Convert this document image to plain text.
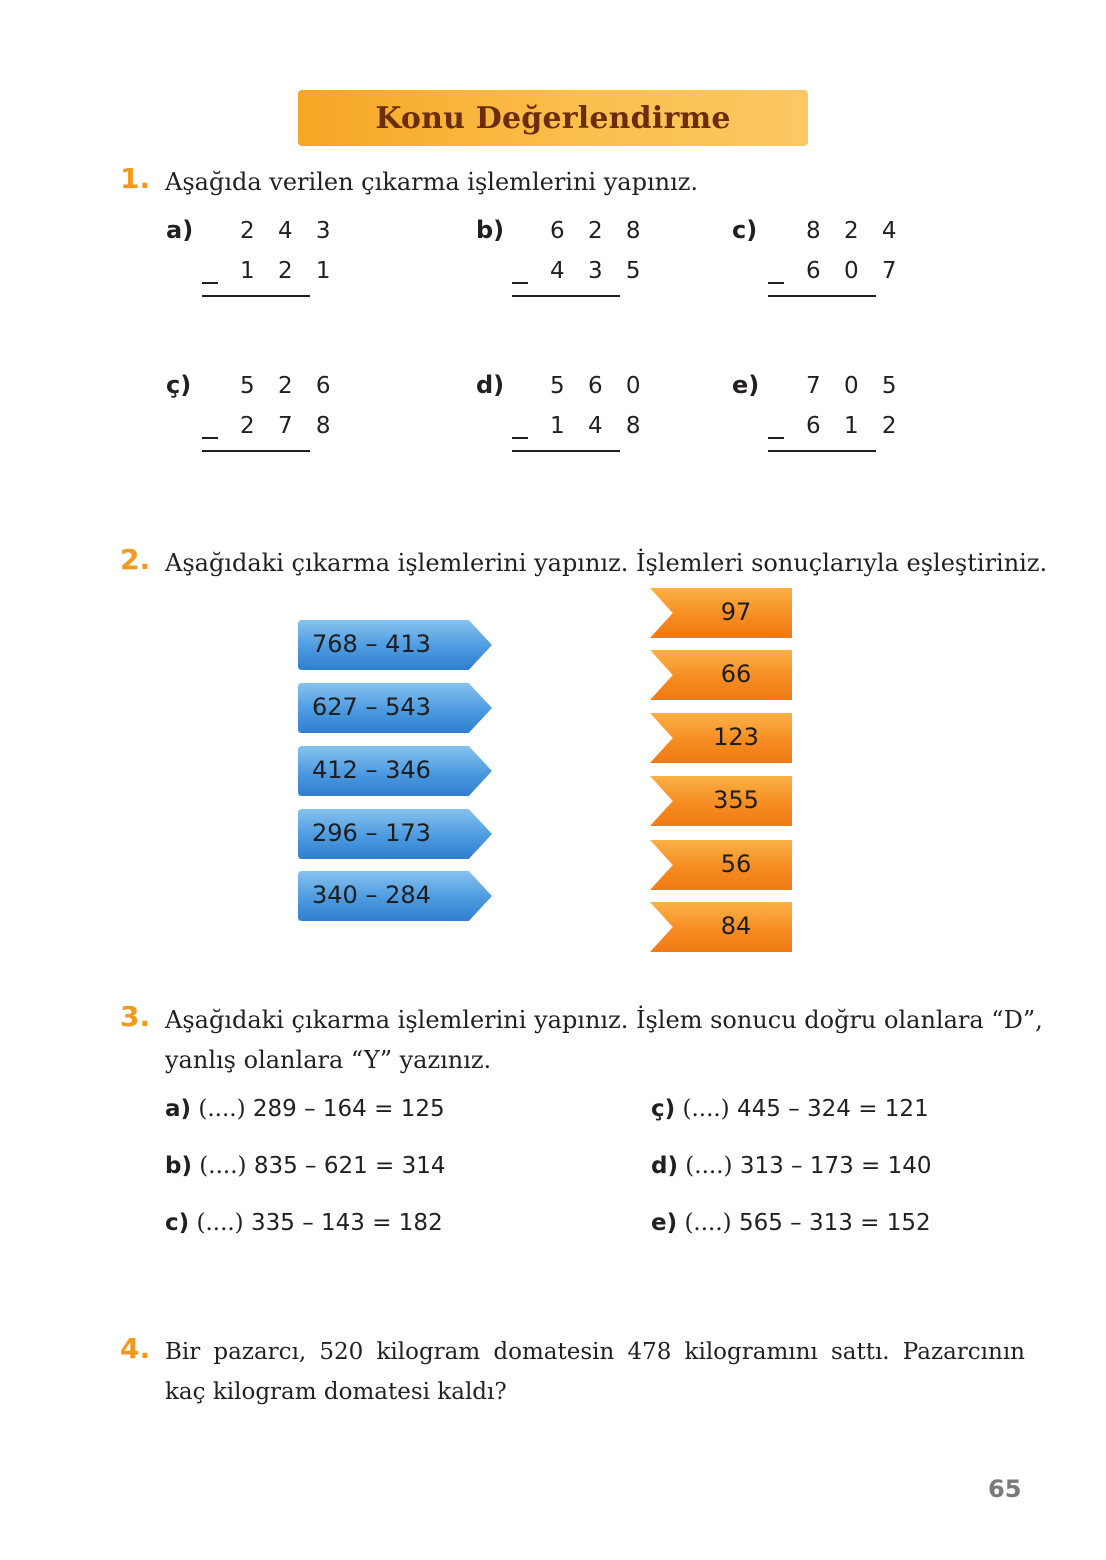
Konu Değerlendirme
1. Aşağıda verilen çıkarma işlemlerini yapınız.
a) 2 4 3
1 2 1
b) 6 2 8
4 3 5
c) 8 2 4
6 0 7
ç) 5 2 6
2 7 8
d) 5 6 0
1 4 8
e) 7 0 5
6 1 2
2. Aşağıdaki çıkarma işlemlerini yapınız. İşlemleri sonuçlarıyla eşleştiriniz.
768 – 413
627 – 543
412 – 346
296 – 173
340 – 284
97
66
123
355
56
84
3. Aşağıdaki çıkarma işlemlerini yapınız. İşlem sonucu doğru olanlara “D”,
yanlış olanlara “Y” yazınız.
a) (....) 289 – 164 = 125
b) (....) 835 – 621 = 314
c) (....) 335 – 143 = 182
ç) (....) 445 – 324 = 121
d) (....) 313 – 173 = 140
e) (....) 565 – 313 = 152
4. Bir pazarcı, 520 kilogram domatesin 478 kilogramını sattı. Pazarcının
kaç kilogram domatesi kaldı?
65
